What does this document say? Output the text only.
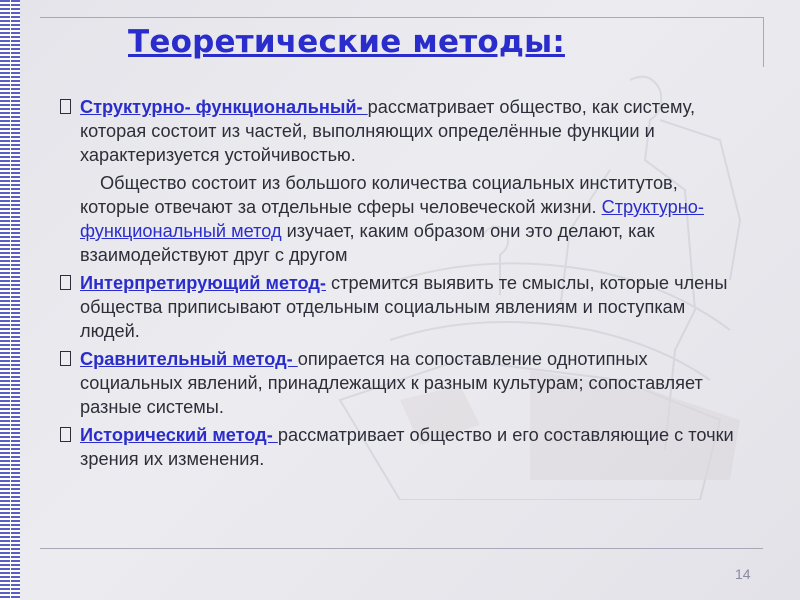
Теоретические методы:
Структурно- функциональный- рассматривает общество, как систему, которая состоит из частей, выполняющих определённые функции и характеризуется устойчивостью.

Общество состоит из большого количества социальных институтов, которые отвечают за отдельные сферы человеческой жизни. Структурно- функциональный метод изучает, каким образом они это делают, как взаимодействуют друг с другом

Интерпретирующий метод- стремится выявить те смыслы, которые члены общества приписывают отдельным социальным явлениям и поступкам людей.
Сравнительный метод- опирается на сопоставление однотипных социальных явлений, принадлежащих к разным культурам; сопоставляет разные системы.
Исторический метод- рассматривает общество и его составляющие с точки зрения их изменения.
14
